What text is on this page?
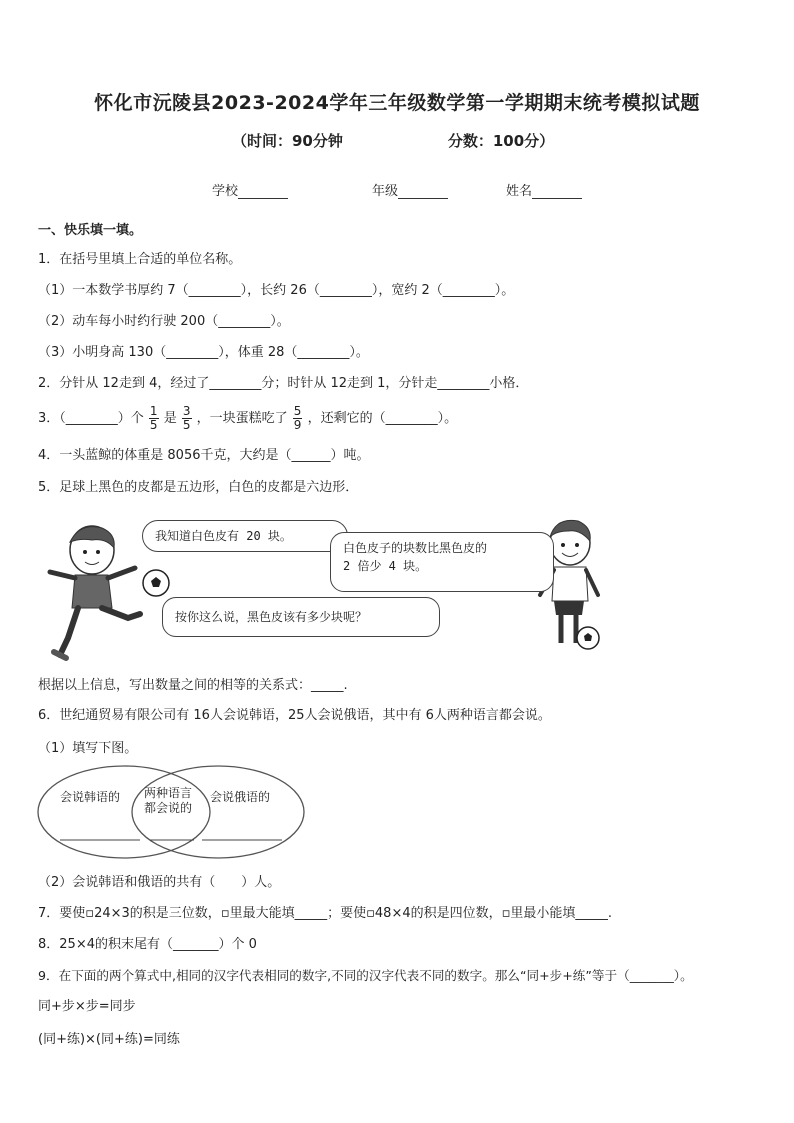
怀化市沅陵县2023-2024学年三年级数学第一学期期末统考模拟试题
（时间：90分钟	分数：100分）
学校	年级	姓名
一、快乐填一填。
1．在括号里填上合适的单位名称。
（1）一本数学书厚约 7（________），长约 26（________），宽约 2（________）。
（2）动车每小时约行驶 200（________）。
（3）小明身高 130（________），体重 28（________）。
2．分针从 12走到 4，经过了________分；时针从 12走到 1，分针走________小格．
3．（________）个 $\frac{1}{5}$ 是 $\frac{3}{5}$ ，一块蛋糕吃了 $\frac{5}{9}$ ，还剩它的（________）。
4．一头蓝鲸的体重是 8056千克，大约是（______）吨。
5．足球上黑色的皮都是五边形，白色的皮都是六边形．
我知道白色皮有 20 块。
白色皮子的块数比黑色皮的
2 倍少 4 块。
按你这么说，黑色皮该有多少块呢？
根据以上信息，写出数量之间的相等的关系式：_____.
6．世纪通贸易有限公司有 16人会说韩语，25人会说俄语，其中有 6人两种语言都会说。
（1）填写下图。
会说韩语的 两种语言
都会说的
会说俄语的
（2）会说韩语和俄语的共有（　　）人。
7．要使▫24×3的积是三位数，▫里最大能填_____；要使▫48×4的积是四位数，▫里最小能填_____.
8．25×4的积末尾有（_______）个 0
9．在下面的两个算式中,相同的汉字代表相同的数字,不同的汉字代表不同的数字。那么“同+步+练”等于（_______）。
同+步×步=同步
(同+练)×(同+练)=同练
